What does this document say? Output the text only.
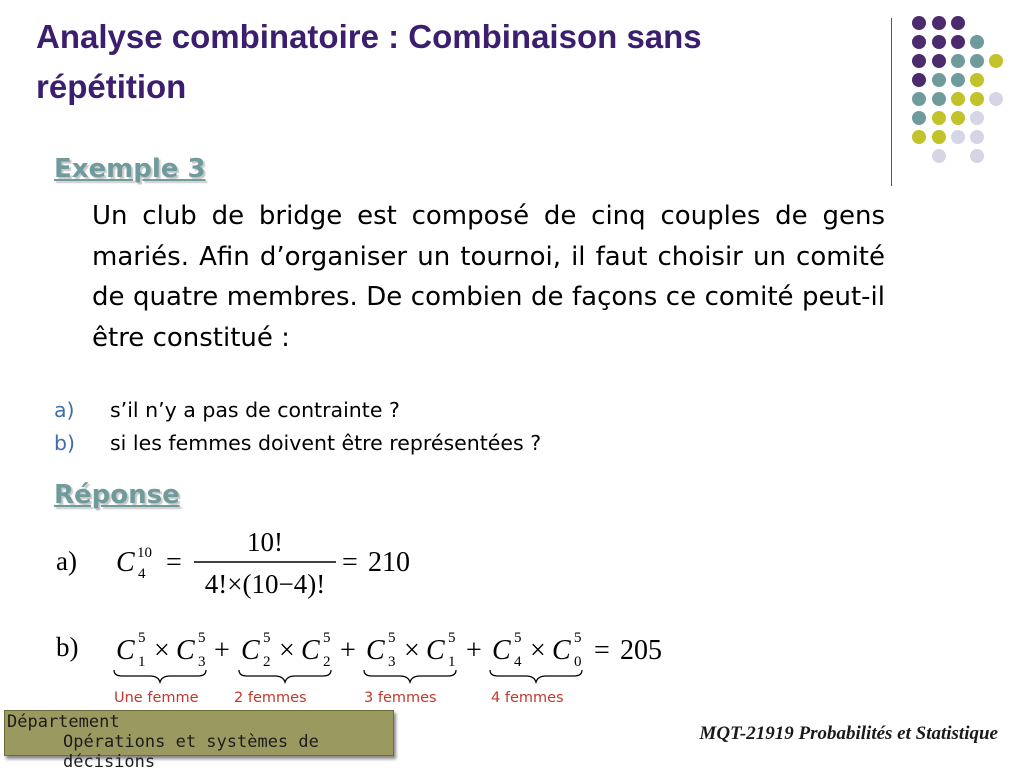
Analyse combinatoire : Combinaison sans répétition
Exemple 3

Un club de bridge est composé de cinq couples de gens mariés. Afin d’organiser un tournoi, il faut choisir un comité de quatre membres. De combien de façons ce comité peut-il être constitué :

a) s’il n’y a pas de contrainte ?
b) si les femmes doivent être représentées ?
Réponse
a) C 10
4 =
10!
4!×(10−4)!
= 210
b) C 5
1 × C 5
3 + C 5
2 × C 5
2 + C 5
3 × C 5
1 + C 5
4 × C 5
0 = 205
Une femme 2 femmes	3 femmes	4 femmes
Département
Opérations et systèmes de décisions
MQT-21919 Probabilités et Statistique
